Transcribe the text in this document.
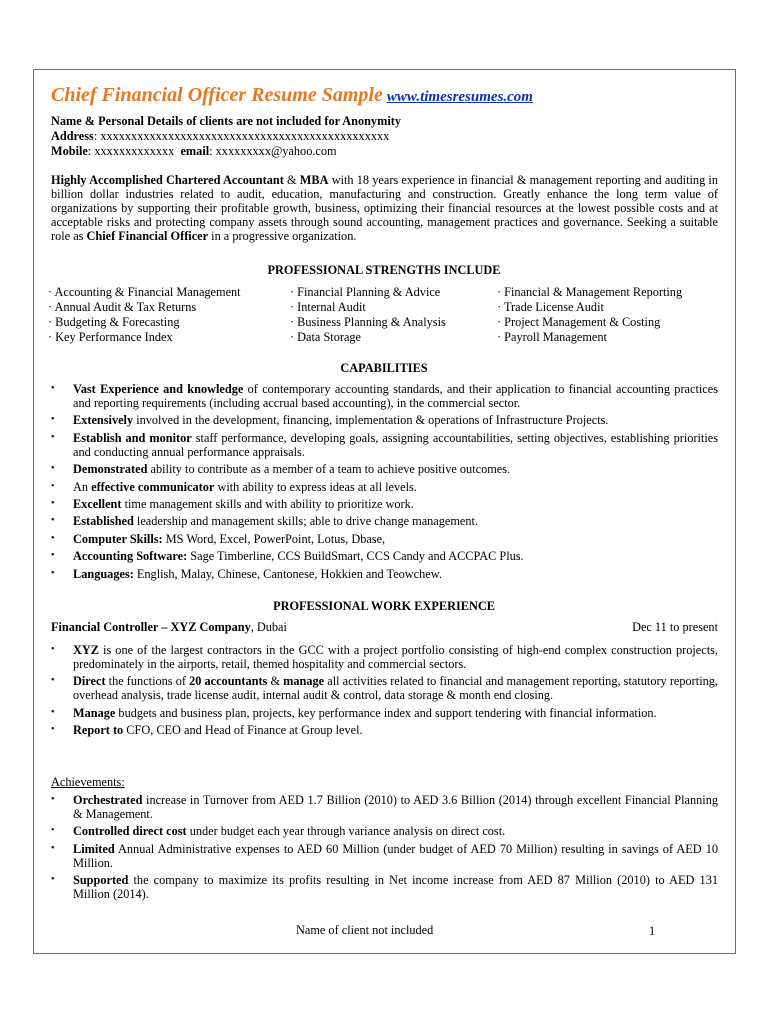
Chief Financial Officer Resume Sample www.timesresumes.com
Name & Personal Details of clients are not included for Anonymity
Address: xxxxxxxxxxxxxxxxxxxxxxxxxxxxxxxxxxxxxxxxxxxxxxx
Mobile: xxxxxxxxxxxxx email: xxxxxxxxx@yahoo.com
Highly Accomplished Chartered Accountant & MBA with 18 years experience in financial & management reporting and auditing in billion dollar industries related to audit, education, manufacturing and construction. Greatly enhance the long term value of organizations by supporting their profitable growth, business, optimizing their financial resources at the lowest possible costs and at acceptable risks and protecting company assets through sound accounting, management practices and governance. Seeking a suitable role as Chief Financial Officer in a progressive organization.
PROFESSIONAL STRENGTHS INCLUDE
· Accounting & Financial Management
· Annual Audit & Tax Returns
· Budgeting & Forecasting
· Key Performance Index
· Financial Planning & Advice
· Internal Audit
· Business Planning & Analysis
· Data Storage
· Financial & Management Reporting
· Trade License Audit
· Project Management & Costing
· Payroll Management
CAPABILITIES
• Vast Experience and knowledge of contemporary accounting standards, and their application to financial accounting practices and reporting requirements (including accrual based accounting), in the commercial sector.
• Extensively involved in the development, financing, implementation & operations of Infrastructure Projects.
• Establish and monitor staff performance, developing goals, assigning accountabilities, setting objectives, establishing priorities and conducting annual performance appraisals.
• Demonstrated ability to contribute as a member of a team to achieve positive outcomes.
• An effective communicator with ability to express ideas at all levels.
• Excellent time management skills and with ability to prioritize work.
• Established leadership and management skills; able to drive change management.
• Computer Skills: MS Word, Excel, PowerPoint, Lotus, Dbase,
• Accounting Software: Sage Timberline, CCS BuildSmart, CCS Candy and ACCPAC Plus.
• Languages: English, Malay, Chinese, Cantonese, Hokkien and Teowchew.
PROFESSIONAL WORK EXPERIENCE
Financial Controller – XYZ Company, Dubai	Dec 11 to present
• XYZ is one of the largest contractors in the GCC with a project portfolio consisting of high-end complex construction projects, predominately in the airports, retail, themed hospitality and commercial sectors.
• Direct the functions of 20 accountants & manage all activities related to financial and management reporting, statutory reporting, overhead analysis, trade license audit, internal audit & control, data storage & month end closing.
• Manage budgets and business plan, projects, key performance index and support tendering with financial information.
• Report to CFO, CEO and Head of Finance at Group level.
Achievements:
• Orchestrated increase in Turnover from AED 1.7 Billion (2010) to AED 3.6 Billion (2014) through excellent Financial Planning & Management.
• Controlled direct cost under budget each year through variance analysis on direct cost.
• Limited Annual Administrative expenses to AED 60 Million (under budget of AED 70 Million) resulting in savings of AED 10 Million.
• Supported the company to maximize its profits resulting in Net income increase from AED 87 Million (2010) to AED 131 Million (2014).
Name of client not included	1
